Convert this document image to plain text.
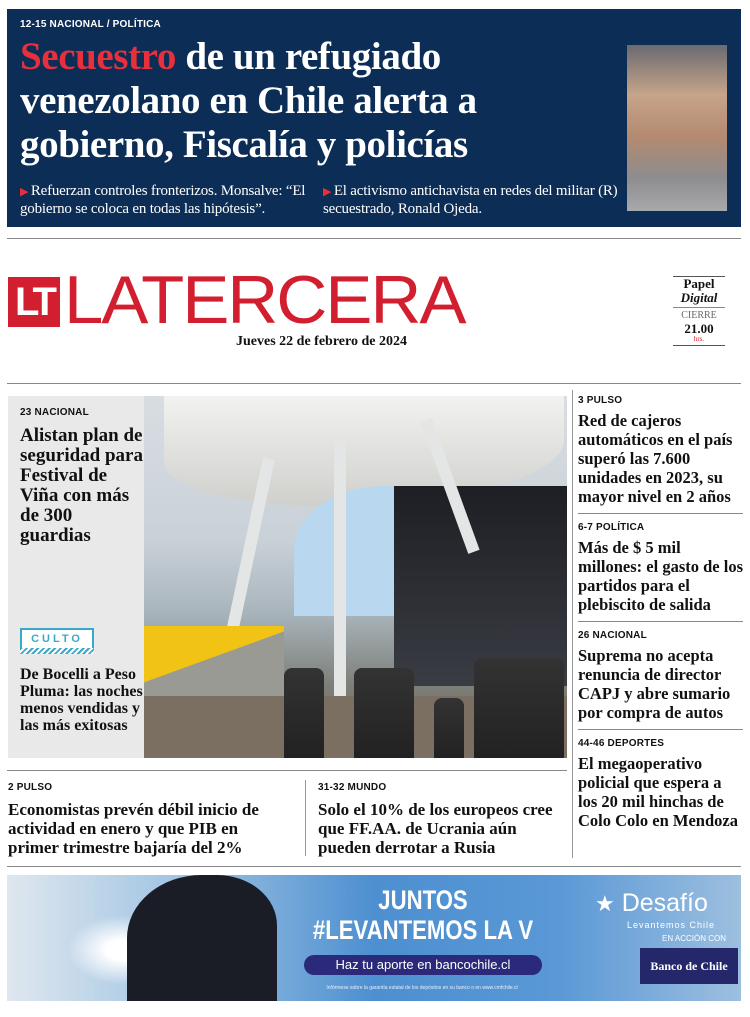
12-15 NACIONAL / POLÍTICA
Secuestro de un refugiado venezolano en Chile alerta a gobierno, Fiscalía y policías
▶ Refuerzan controles fronterizos. Monsalve: “El gobierno se coloca en todas las hipótesis”.
▶ El activismo antichavista en redes del militar (R) secuestrado, Ronald Ojeda.
LT LATERCERA
Jueves 22 de febrero de 2024
Papel
Digital
CIERRE
21.00
hrs.
23 NACIONAL
Alistan plan de seguridad para Festival de Viña con más de 300 guardias
CULTO
De Bocelli a Peso Pluma: las noches menos vendidas y las más exitosas
3 PULSO
Red de cajeros automáticos en el país superó las 7.600 unidades en 2023, su mayor nivel en 2 años
6-7 POLÍTICA
Más de $ 5 mil millones: el gasto de los partidos para el plebiscito de salida
26 NACIONAL
Suprema no acepta renuncia de director CAPJ y abre sumario por compra de autos
44-46 DEPORTES
El megaoperativo policial que espera a los 20 mil hinchas de Colo Colo en Mendoza
2 PULSO
Economistas prevén débil inicio de actividad en enero y que PIB en primer trimestre bajaría del 2%
31-32 MUNDO
Solo el 10% de los europeos cree que FF.AA. de Ucrania aún pueden derrotar a Rusia
JUNTOS
#LEVANTEMOS LA V
Haz tu aporte en bancochile.cl
Infórmese sobre la garantía estatal de los depósitos en su banco o en www.cmfchile.cl
★ Desafío
Levantemos Chile
EN ACCIÓN CON
Banco de Chile
